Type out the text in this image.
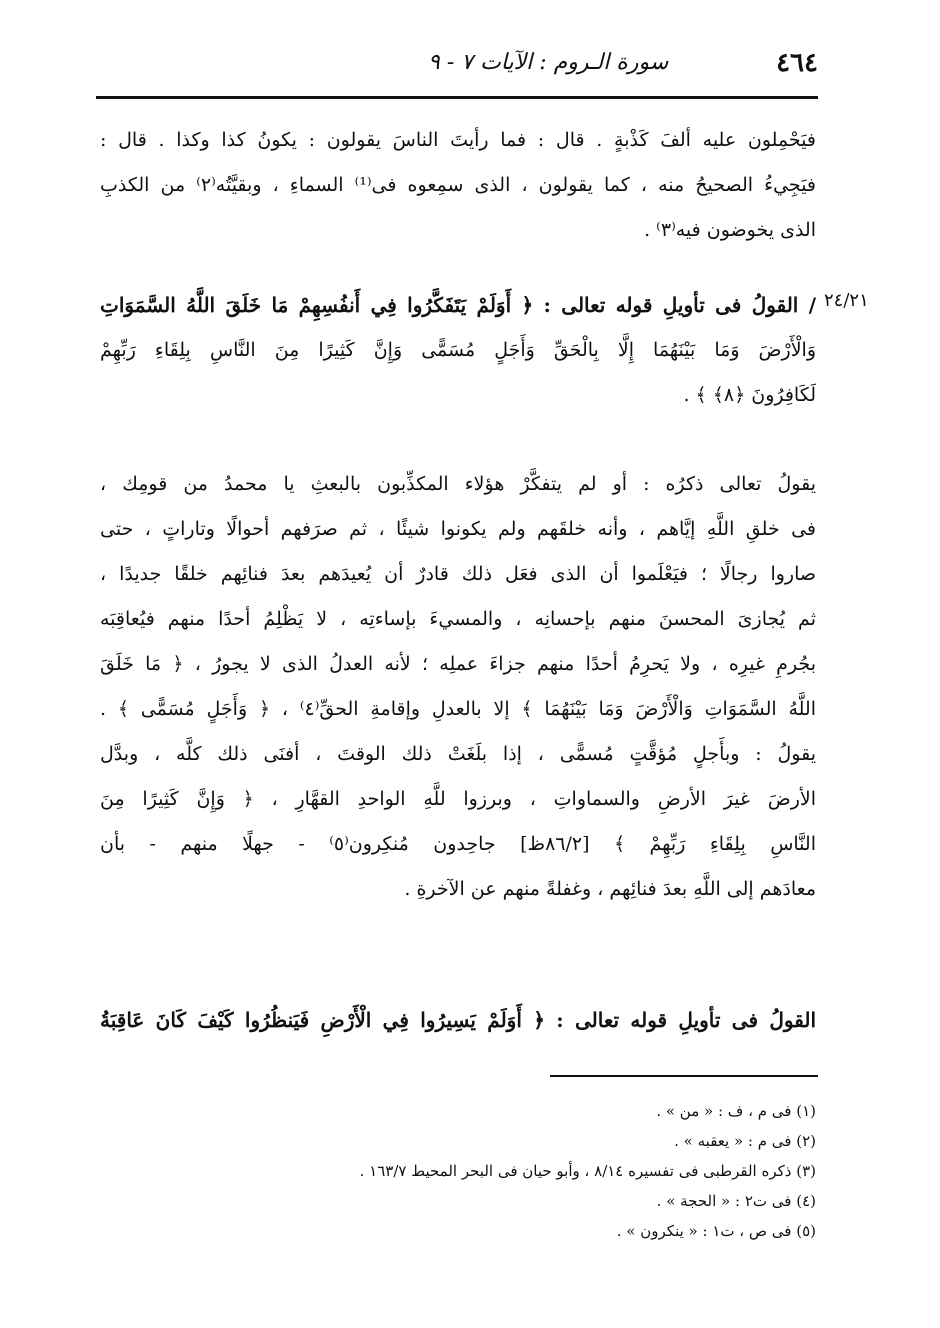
٤٦٤
سورة الـروم : الآيات ٧ - ٩
فيَحْمِلون عليه ألفَ كَذْبةٍ . قال : فما رأيتَ الناسَ يقولون : يكونُ كذا وكذا . قال :
فيَجِيءُ الصحيحُ منه ، كما يقولون ، الذى سمِعوه فى⁽¹⁾ السماءِ ، وبقيَّتُه⁽٢⁾ من الكذبِ
الذى يخوضون فيه⁽٣⁾ .
٢٤/٢١
/ القولُ فى تأويلِ قوله تعالى : ﴿ أَوَلَمْ يَتَفَكَّرُوا فِي أَنفُسِهِمْ مَا خَلَقَ اللَّهُ السَّمَوَاتِ
وَالْأَرْضَ وَمَا بَيْنَهُمَا إِلَّا بِالْحَقِّ وَأَجَلٍ مُسَمًّى وَإِنَّ كَثِيرًا مِنَ النَّاسِ بِلِقَاءِ رَبِّهِمْ
لَكَافِرُونَ ﴿٨﴾ ﴾ .
يقولُ تعالى ذكرُه : أو لم يتفكَّرْ هؤلاء المكذِّبون بالبعثِ يا محمدُ من قومِك ،
فى خلقِ اللَّهِ إيَّاهم ، وأنه خلقَهم ولم يكونوا شيئًا ، ثم صرَفهم أحوالًا وتاراتٍ ، حتى
صاروا رجالًا ؛ فيَعْلَموا أن الذى فعَل ذلك قادرٌ أن يُعيدَهم بعدَ فنائِهم خلقًا جديدًا ،
ثم يُجازىَ المحسنَ منهم بإحسانِه ، والمسيءَ بإساءتِه ، لا يَظْلِمُ أحدًا منهم فيُعاقِبَه
بجُرمِ غيرِه ، ولا يَحرِمُ أحدًا منهم جزاءَ عملِه ؛ لأنه العدلُ الذى لا يجورُ ، ﴿ مَا خَلَقَ
اللَّهُ السَّمَوَاتِ وَالْأَرْضَ وَمَا بَيْنَهُمَا ﴾ إلا بالعدلِ وإقامةِ الحقِّ⁽٤⁾ ، ﴿ وَأَجَلٍ مُسَمًّى ﴾ .
يقولُ : وبأَجلٍ مُؤقَّتٍ مُسمًّى ، إذا بلَغَتْ ذلك الوقتَ ، أفنَى ذلك كلَّه ، وبدَّل
الأرضَ غيرَ الأرضِ والسماواتِ ، وبرزوا للَّهِ الواحدِ القهَّارِ ، ﴿ وَإِنَّ كَثِيرًا مِنَ
النَّاسِ بِلِقَاءِ رَبِّهِمْ ﴾ [٨٦/٢ظ] جاحِدون مُنكِرون⁽٥⁾ - جهلًا منهم - بأن
معادَهم إلى اللَّهِ بعدَ فنائِهم ، وغفلةً منهم عن الآخرةِ .
القولُ فى تأويلِ قوله تعالى : ﴿ أَوَلَمْ يَسِيرُوا فِي الْأَرْضِ فَيَنظُرُوا كَيْفَ كَانَ عَاقِبَةُ
(١) فى م ، ف : « من » .
(٢) فى م : « يعقبه » .
(٣) ذكره القرطبى فى تفسيره ٨/١٤ ، وأبو حيان فى البحر المحيط ١٦٣/٧ .
(٤) فى ت٢ : « الحجة » .
(٥) فى ص ، ت١ : « ينكرون » .
